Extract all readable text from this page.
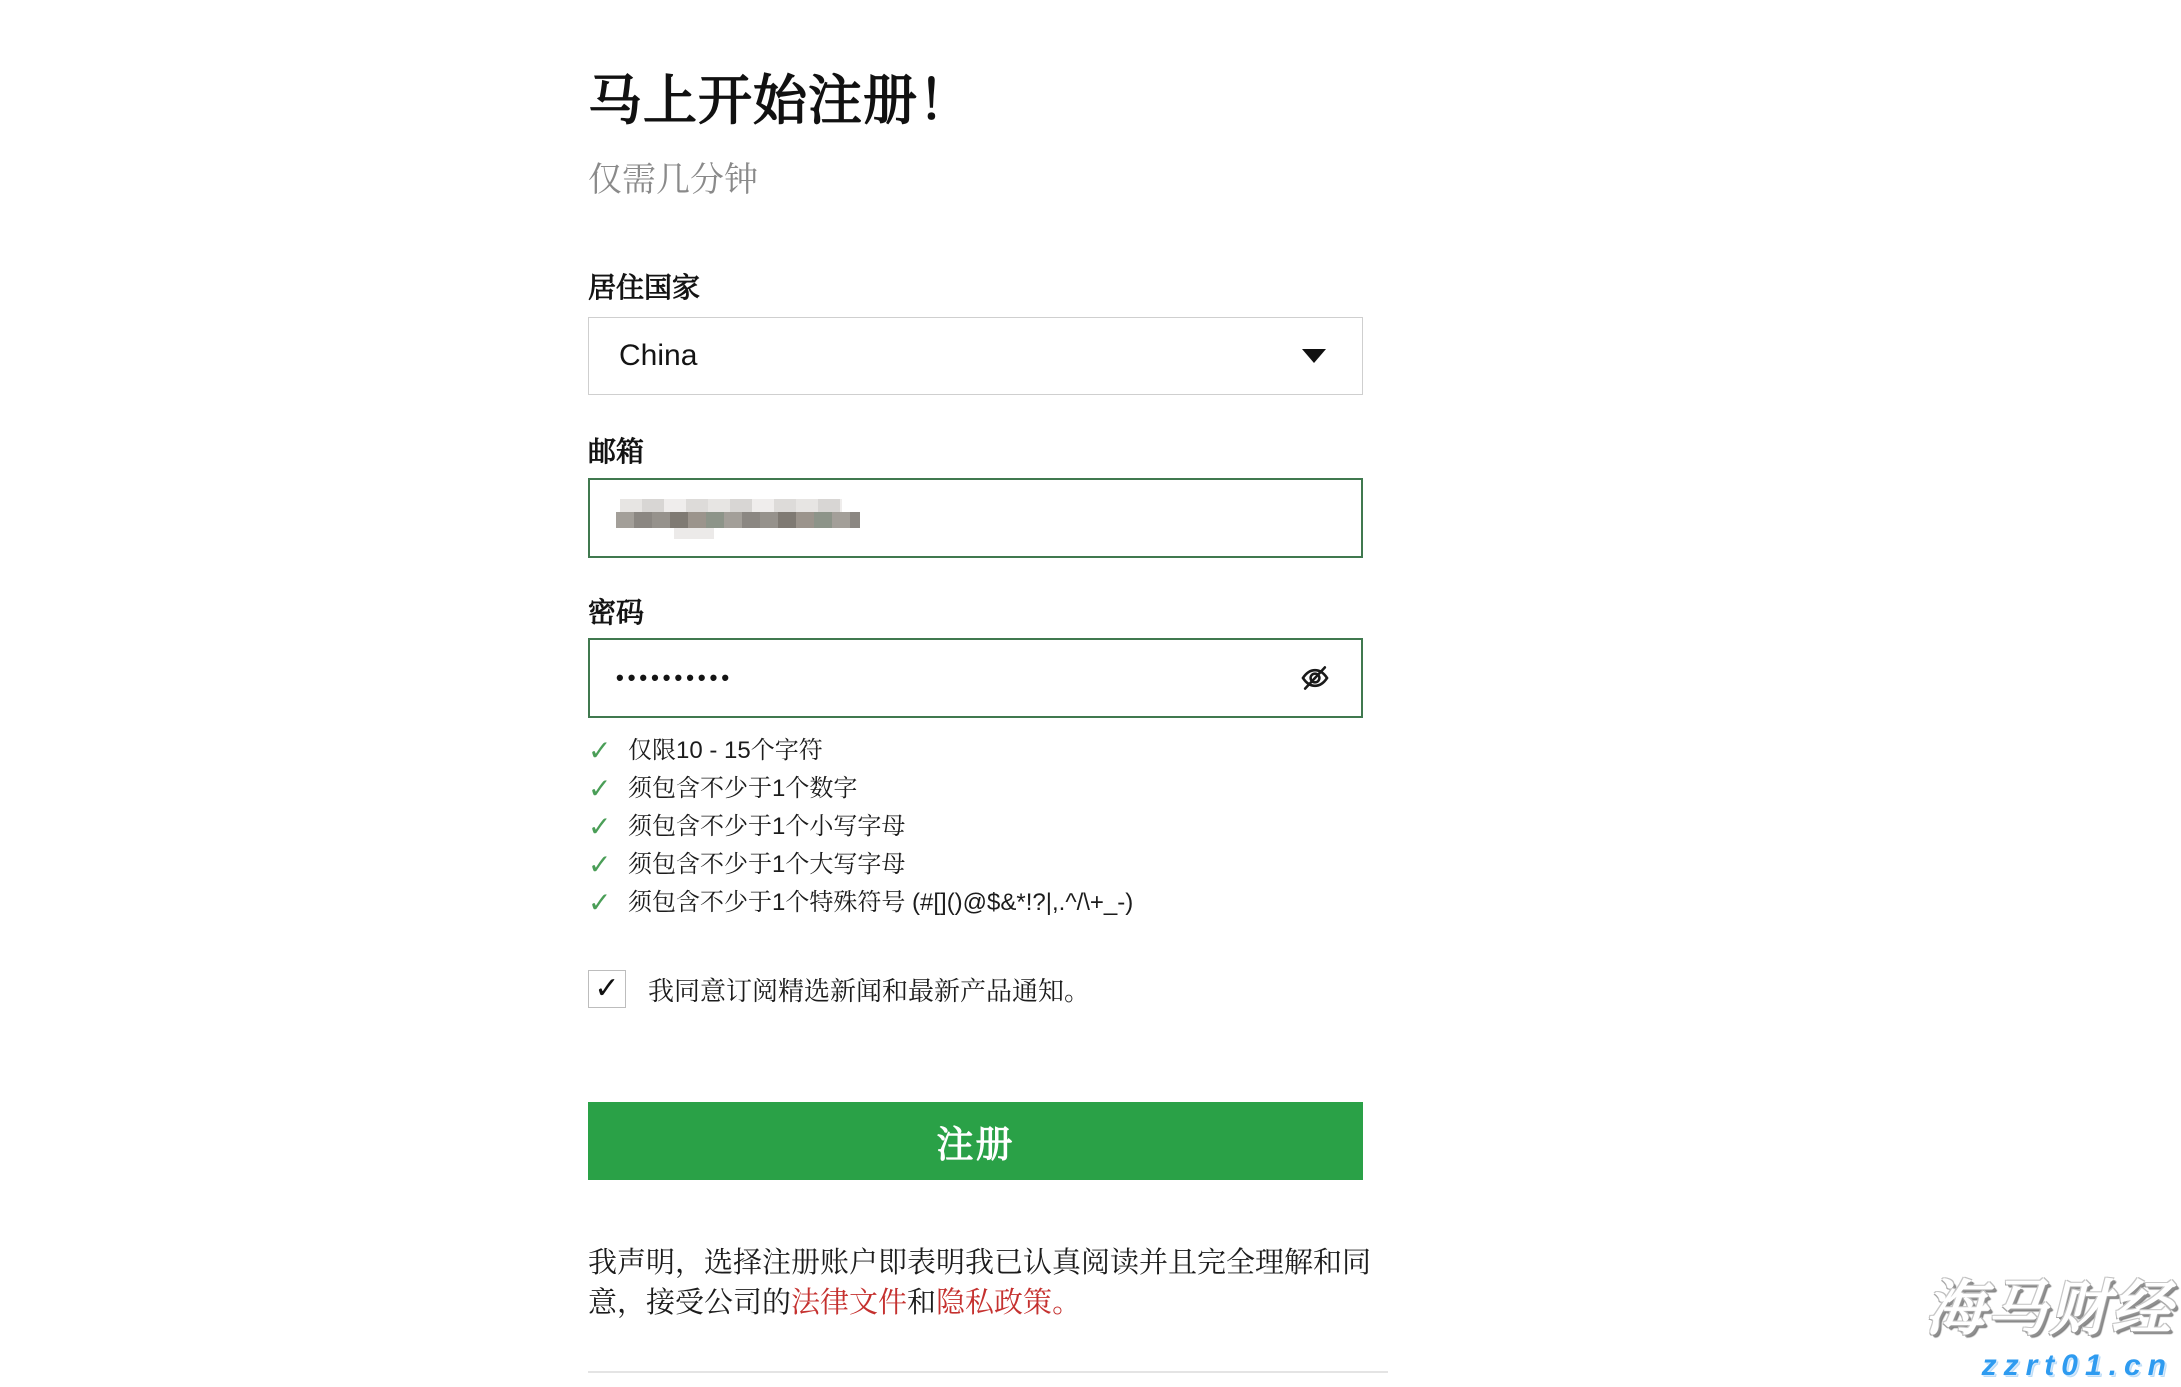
马上开始注册！
仅需几分钟
居住国家
China
邮箱
密码
••••••••••
✓ 仅限10 - 15个字符
✓ 须包含不少于1个数字
✓ 须包含不少于1个小写字母
✓ 须包含不少于1个大写字母
✓ 须包含不少于1个特殊符号 (#[]()@$&*!?|,.^/\+_-)
✓ 我同意订阅精选新闻和最新产品通知。
注册

我声明，选择注册账户即表明我已认真阅读并且完全理解和同意，接受公司的法律文件和隐私政策。	海马财经
zzrt01.cn
